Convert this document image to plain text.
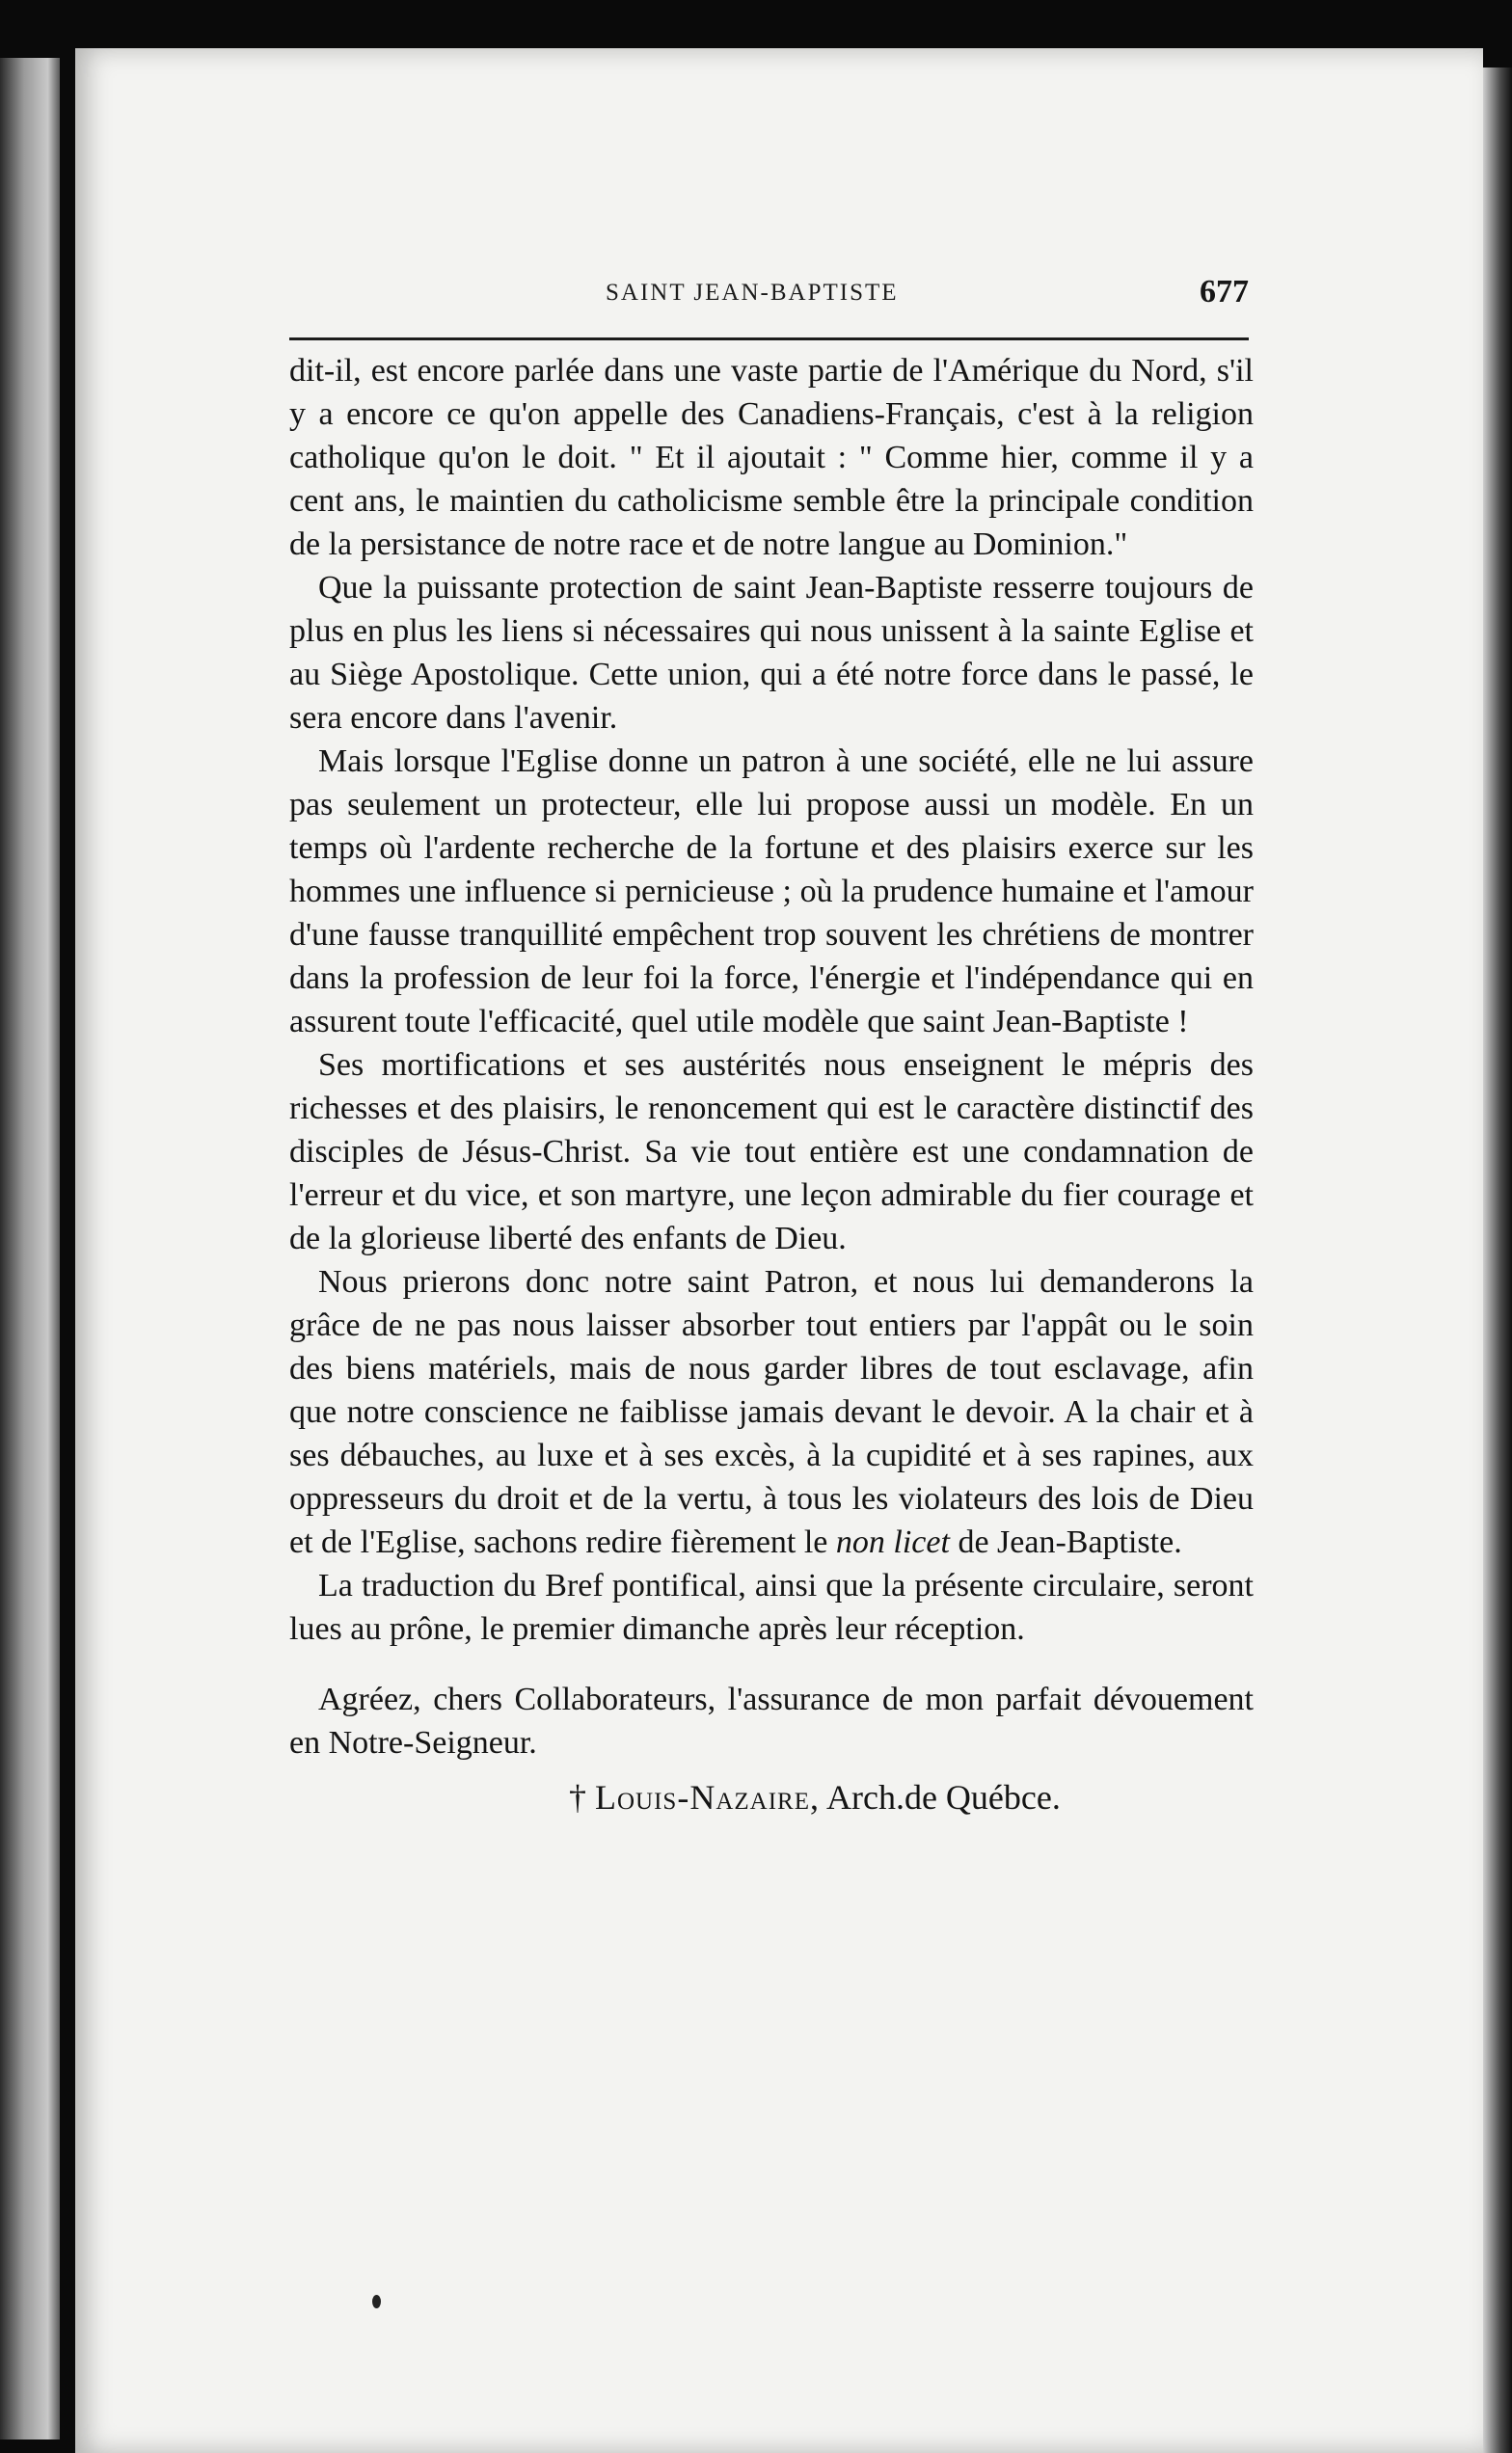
SAINT JEAN-BAPTISTE	677

dit-il, est encore parlée dans une vaste partie de l'Amérique du Nord, s'il y a encore ce qu'on appelle des Canadiens-Français, c'est à la religion catholique qu'on le doit. " Et il ajoutait : " Comme hier, comme il y a cent ans, le maintien du catholicisme semble être la principale condition de la persistance de notre race et de notre langue au Dominion."

Que la puissante protection de saint Jean-Baptiste resserre toujours de plus en plus les liens si nécessaires qui nous unissent à la sainte Eglise et au Siège Apostolique. Cette union, qui a été notre force dans le passé, le sera encore dans l'avenir.

Mais lorsque l'Eglise donne un patron à une société, elle ne lui assure pas seulement un protecteur, elle lui propose aussi un modèle. En un temps où l'ardente recherche de la fortune et des plaisirs exerce sur les hommes une influence si pernicieuse ; où la prudence humaine et l'amour d'une fausse tranquillité empêchent trop souvent les chrétiens de montrer dans la profession de leur foi la force, l'énergie et l'indépendance qui en assurent toute l'efficacité, quel utile modèle que saint Jean-Baptiste !

Ses mortifications et ses austérités nous enseignent le mépris des richesses et des plaisirs, le renoncement qui est le caractère distinctif des disciples de Jésus-Christ. Sa vie tout entière est une condamnation de l'erreur et du vice, et son martyre, une leçon admirable du fier courage et de la glorieuse liberté des enfants de Dieu.

Nous prierons donc notre saint Patron, et nous lui demanderons la grâce de ne pas nous laisser absorber tout entiers par l'appât ou le soin des biens matériels, mais de nous garder libres de tout esclavage, afin que notre conscience ne faiblisse jamais devant le devoir. A la chair et à ses débauches, au luxe et à ses excès, à la cupidité et à ses rapines, aux oppresseurs du droit et de la vertu, à tous les violateurs des lois de Dieu et de l'Eglise, sachons redire fièrement le non licet de Jean-Baptiste.

La traduction du Bref pontifical, ainsi que la présente circulaire, seront lues au prône, le premier dimanche après leur réception.

Agréez, chers Collaborateurs, l'assurance de mon parfait dévouement en Notre-Seigneur.

† Louis-Nazaire, Arch.de Québce.
